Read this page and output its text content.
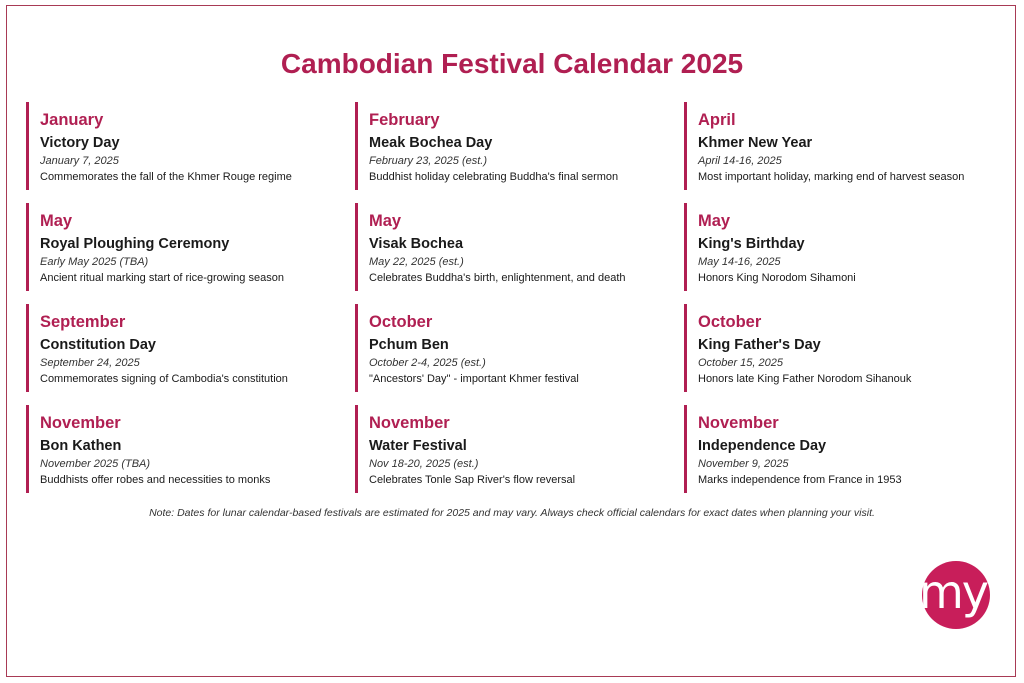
Cambodian Festival Calendar 2025
January
Victory Day
January 7, 2025
Commemorates the fall of the Khmer Rouge regime
February
Meak Bochea Day
February 23, 2025 (est.)
Buddhist holiday celebrating Buddha's final sermon
April
Khmer New Year
April 14-16, 2025
Most important holiday, marking end of harvest season
May
Royal Ploughing Ceremony
Early May 2025 (TBA)
Ancient ritual marking start of rice-growing season
May
Visak Bochea
May 22, 2025 (est.)
Celebrates Buddha's birth, enlightenment, and death
May
King's Birthday
May 14-16, 2025
Honors King Norodom Sihamoni
September
Constitution Day
September 24, 2025
Commemorates signing of Cambodia's constitution
October
Pchum Ben
October 2-4, 2025 (est.)
"Ancestors' Day" - important Khmer festival
October
King Father's Day
October 15, 2025
Honors late King Father Norodom Sihanouk
November
Bon Kathen
November 2025 (TBA)
Buddhists offer robes and necessities to monks
November
Water Festival
Nov 18-20, 2025 (est.)
Celebrates Tonle Sap River's flow reversal
November
Independence Day
November 9, 2025
Marks independence from France in 1953
Note: Dates for lunar calendar-based festivals are estimated for 2025 and may vary. Always check official calendars for exact dates when planning your visit.
my
